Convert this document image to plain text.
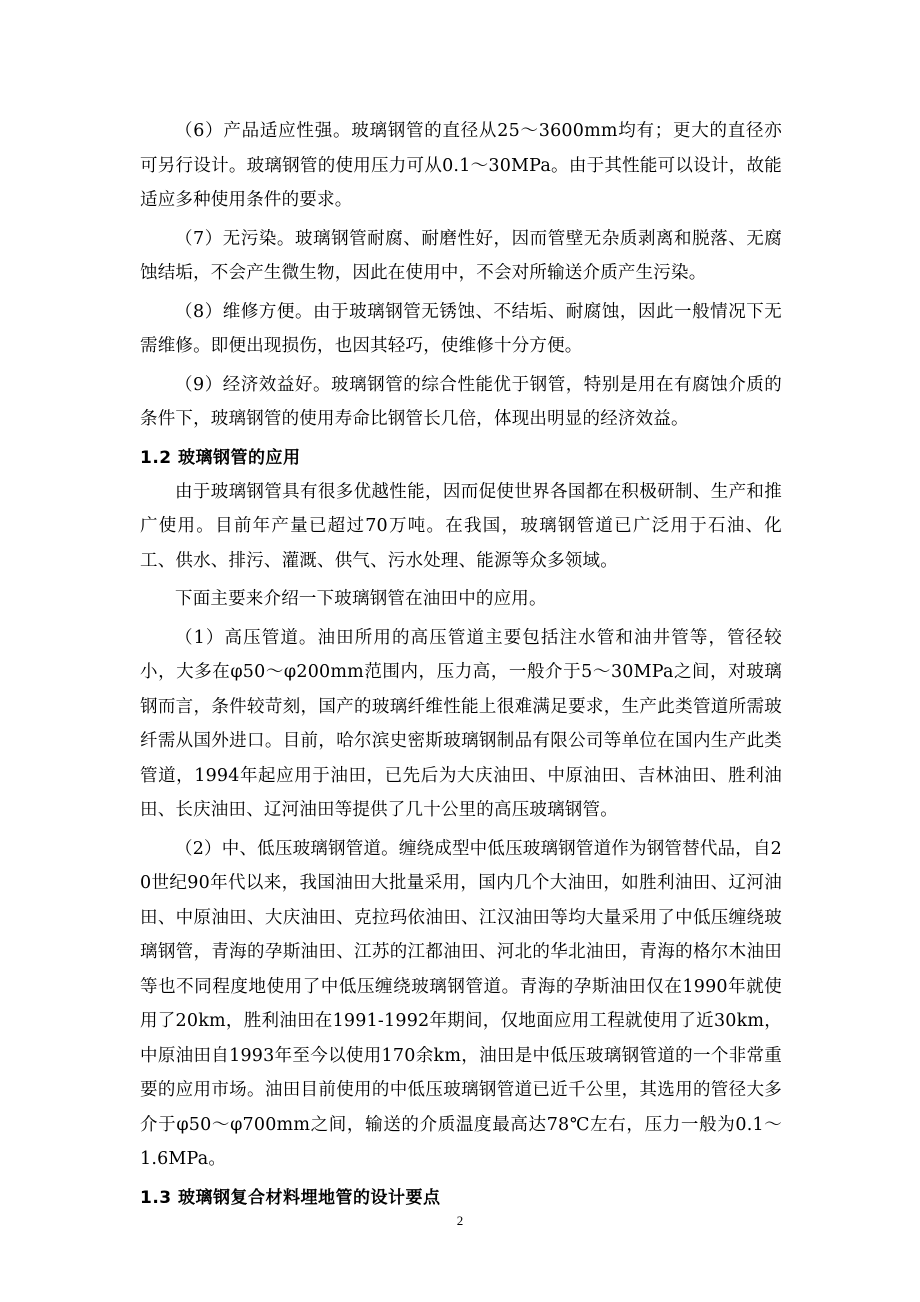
（6）产品适应性强。玻璃钢管的直径从25～3600mm均有；更大的直径亦可另行设计。玻璃钢管的使用压力可从0.1～30MPa。由于其性能可以设计，故能适应多种使用条件的要求。

（7）无污染。玻璃钢管耐腐、耐磨性好，因而管壁无杂质剥离和脱落、无腐蚀结垢，不会产生微生物，因此在使用中，不会对所输送介质产生污染。

（8）维修方便。由于玻璃钢管无锈蚀、不结垢、耐腐蚀，因此一般情况下无需维修。即便出现损伤，也因其轻巧，使维修十分方便。

（9）经济效益好。玻璃钢管的综合性能优于钢管，特别是用在有腐蚀介质的条件下，玻璃钢管的使用寿命比钢管长几倍，体现出明显的经济效益。

1.2 玻璃钢管的应用

由于玻璃钢管具有很多优越性能，因而促使世界各国都在积极研制、生产和推广使用。目前年产量已超过70万吨。在我国，玻璃钢管道已广泛用于石油、化工、供水、排污、灌溉、供气、污水处理、能源等众多领域。

下面主要来介绍一下玻璃钢管在油田中的应用。

（1）高压管道。油田所用的高压管道主要包括注水管和油井管等，管径较小，大多在φ50～φ200mm范围内，压力高，一般介于5～30MPa之间，对玻璃钢而言，条件较苛刻，国产的玻璃纤维性能上很难满足要求，生产此类管道所需玻纤需从国外进口。目前，哈尔滨史密斯玻璃钢制品有限公司等单位在国内生产此类管道，1994年起应用于油田，已先后为大庆油田、中原油田、吉林油田、胜利油田、长庆油田、辽河油田等提供了几十公里的高压玻璃钢管。

（2）中、低压玻璃钢管道。缠绕成型中低压玻璃钢管道作为钢管替代品，自20世纪90年代以来，我国油田大批量采用，国内几个大油田，如胜利油田、辽河油田、中原油田、大庆油田、克拉玛依油田、江汉油田等均大量采用了中低压缠绕玻璃钢管，青海的孕斯油田、江苏的江都油田、河北的华北油田，青海的格尔木油田等也不同程度地使用了中低压缠绕玻璃钢管道。青海的孕斯油田仅在1990年就使用了20km，胜利油田在1991-1992年期间，仅地面应用工程就使用了近30km，中原油田自1993年至今以使用170余km，油田是中低压玻璃钢管道的一个非常重要的应用市场。油田目前使用的中低压玻璃钢管道已近千公里，其选用的管径大多介于φ50～φ700mm之间，输送的介质温度最高达78℃左右，压力一般为0.1～1.6MPa。

1.3 玻璃钢复合材料埋地管的设计要点
2
